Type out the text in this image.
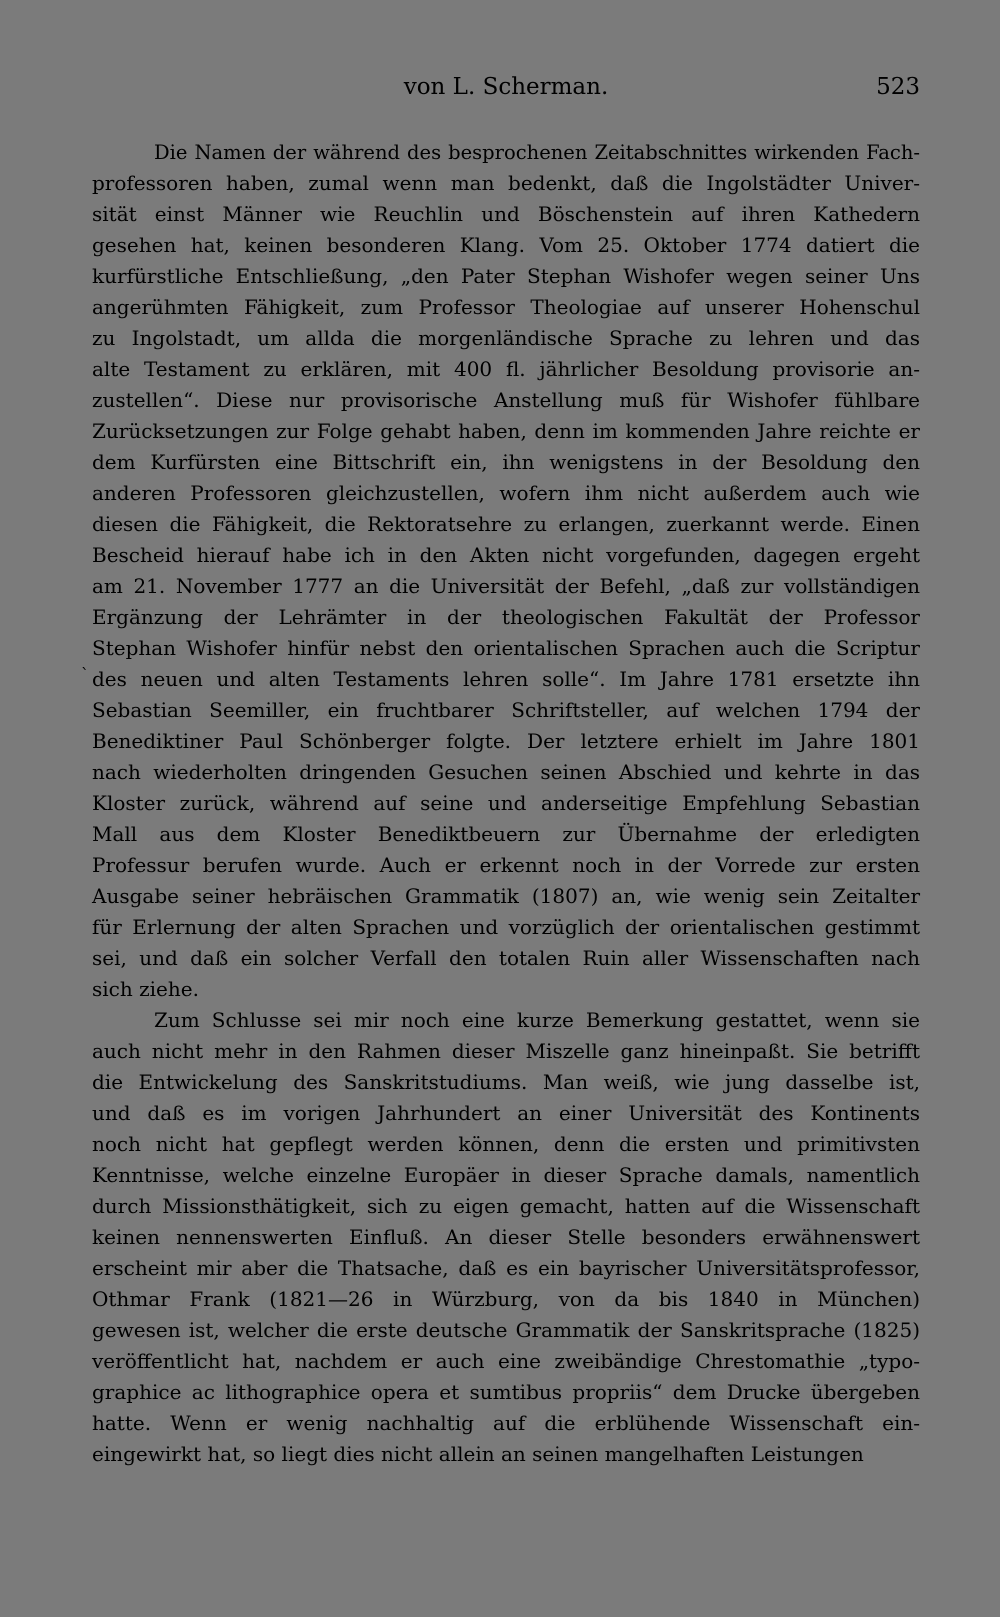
von L. Scherman.	523
`
Die Namen der während des besprochenen Zeitabschnittes wirkenden Fach-
professoren haben, zumal wenn man bedenkt, daß die Ingolstädter Univer-
sität einst Männer wie Reuchlin und Böschenstein auf ihren Kathedern
gesehen hat, keinen besonderen Klang. Vom 25. Oktober 1774 datiert die
kurfürstliche Entschließung, „den Pater Stephan Wishofer wegen seiner Uns
angerühmten Fähigkeit, zum Professor Theologiae auf unserer Hohenschul
zu Ingolstadt, um allda die morgenländische Sprache zu lehren und das
alte Testament zu erklären, mit 400 fl. jährlicher Besoldung provisorie an-
zustellen“. Diese nur provisorische Anstellung muß für Wishofer fühlbare
Zurücksetzungen zur Folge gehabt haben, denn im kommenden Jahre reichte er
dem Kurfürsten eine Bittschrift ein, ihn wenigstens in der Besoldung den
anderen Professoren gleichzustellen, wofern ihm nicht außerdem auch wie
diesen die Fähigkeit, die Rektoratsehre zu erlangen, zuerkannt werde. Einen
Bescheid hierauf habe ich in den Akten nicht vorgefunden, dagegen ergeht
am 21. November 1777 an die Universität der Befehl, „daß zur vollständigen
Ergänzung der Lehrämter in der theologischen Fakultät der Professor
Stephan Wishofer hinfür nebst den orientalischen Sprachen auch die Scriptur
des neuen und alten Testaments lehren solle“. Im Jahre 1781 ersetzte ihn
Sebastian Seemiller, ein fruchtbarer Schriftsteller, auf welchen 1794 der
Benediktiner Paul Schönberger folgte. Der letztere erhielt im Jahre 1801
nach wiederholten dringenden Gesuchen seinen Abschied und kehrte in das
Kloster zurück, während auf seine und anderseitige Empfehlung Sebastian
Mall aus dem Kloster Benediktbeuern zur Übernahme der erledigten
Professur berufen wurde. Auch er erkennt noch in der Vorrede zur ersten
Ausgabe seiner hebräischen Grammatik (1807) an, wie wenig sein Zeitalter
für Erlernung der alten Sprachen und vorzüglich der orientalischen gestimmt
sei, und daß ein solcher Verfall den totalen Ruin aller Wissenschaften nach
sich ziehe.
Zum Schlusse sei mir noch eine kurze Bemerkung gestattet, wenn sie
auch nicht mehr in den Rahmen dieser Miszelle ganz hineinpaßt. Sie betrifft
die Entwickelung des Sanskritstudiums. Man weiß, wie jung dasselbe ist,
und daß es im vorigen Jahrhundert an einer Universität des Kontinents
noch nicht hat gepflegt werden können, denn die ersten und primitivsten
Kenntnisse, welche einzelne Europäer in dieser Sprache damals, namentlich
durch Missionsthätigkeit, sich zu eigen gemacht, hatten auf die Wissenschaft
keinen nennenswerten Einfluß. An dieser Stelle besonders erwähnenswert
erscheint mir aber die Thatsache, daß es ein bayrischer Universitätsprofessor,
Othmar Frank (1821—26 in Würzburg, von da bis 1840 in München)
gewesen ist, welcher die erste deutsche Grammatik der Sanskritsprache (1825)
veröffentlicht hat, nachdem er auch eine zweibändige Chrestomathie „typo-
graphice ac lithographice opera et sumtibus propriis“ dem Drucke übergeben
hatte. Wenn er wenig nachhaltig auf die erblühende Wissenschaft ein-
eingewirkt hat, so liegt dies nicht allein an seinen mangelhaften Leistungen
